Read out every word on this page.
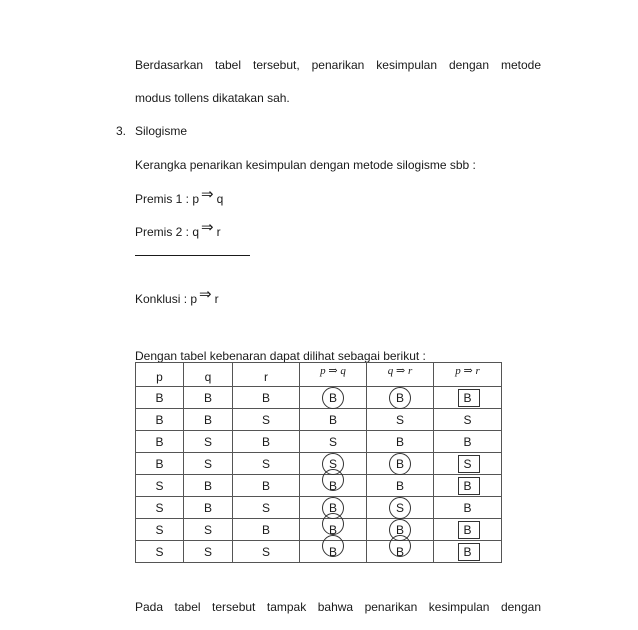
Berdasarkan tabel tersebut, penarikan kesimpulan dengan metode
modus tollens dikatakan sah.
3. Silogisme
Kerangka penarikan kesimpulan dengan metode silogisme sbb :
Premis 1 : p ⇒ q
Premis 2 : q ⇒ r
Konklusi : p ⇒ r
Dengan tabel kebenaran dapat dilihat sebagai berikut :
p	q	r	p ⇒ q	q ⇒ r	p ⇒ r
B	B	B	B	B	B

B	B	S	B	S	S
B	S	B	S	B	B
B	S	S	S	B	S

S	B	B	B	B	B

S	B	S	B	S	B
S	S	B	B	B	B

S	S	S	B	B	B
Pada tabel tersebut tampak bahwa penarikan kesimpulan dengan
